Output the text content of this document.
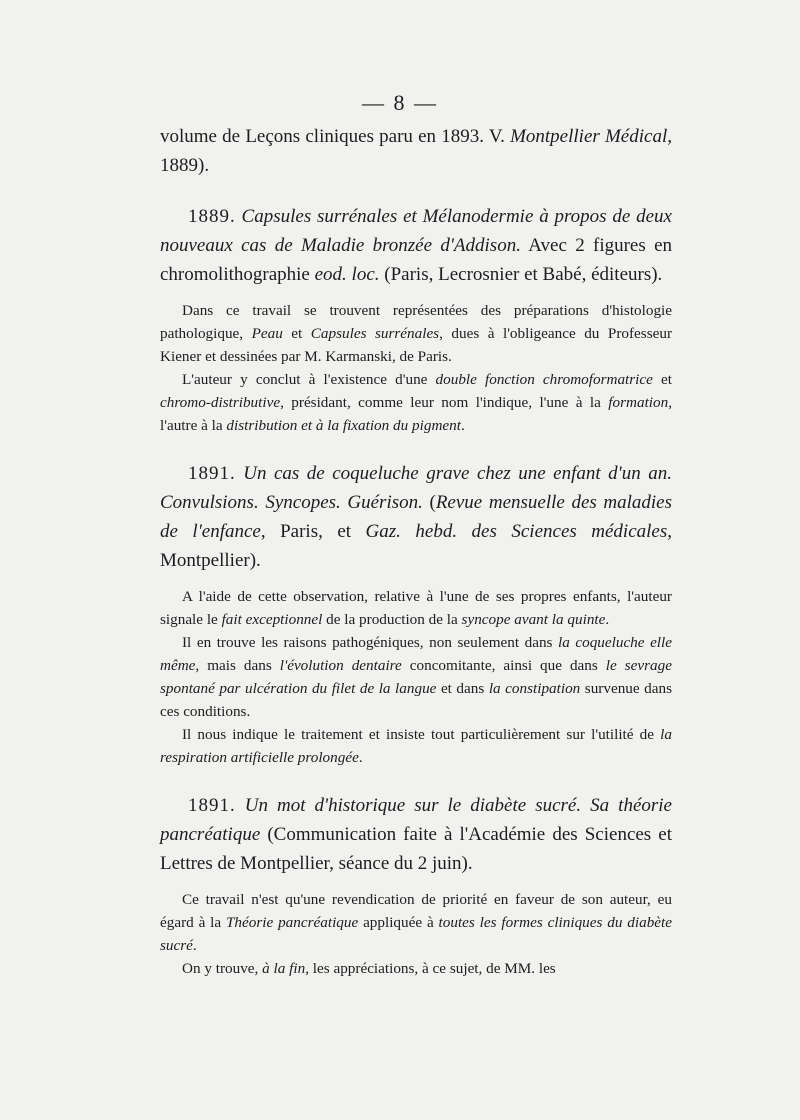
— 8 —

volume de Leçons cliniques paru en 1893. V. Montpellier Médical, 1889).

1889. Capsules surrénales et Mélanodermie à propos de deux nouveaux cas de Maladie bronzée d'Addison. Avec 2 figures en chromolithographie eod. loc. (Paris, Lecrosnier et Babé, éditeurs).

Dans ce travail se trouvent représentées des préparations d'histologie pathologique, Peau et Capsules surrénales, dues à l'obligeance du Professeur Kiener et dessinées par M. Karmanski, de Paris.

L'auteur y conclut à l'existence d'une double fonction chromoformatrice et chromo-distributive, présidant, comme leur nom l'indique, l'une à la formation, l'autre à la distribution et à la fixation du pigment.

1891. Un cas de coqueluche grave chez une enfant d'un an. Convulsions. Syncopes. Guérison. (Revue mensuelle des maladies de l'enfance, Paris, et Gaz. hebd. des Sciences médicales, Montpellier).

A l'aide de cette observation, relative à l'une de ses propres enfants, l'auteur signale le fait exceptionnel de la production de la syncope avant la quinte.

Il en trouve les raisons pathogéniques, non seulement dans la coqueluche elle même, mais dans l'évolution dentaire concomitante, ainsi que dans le sevrage spontané par ulcération du filet de la langue et dans la constipation survenue dans ces conditions.

Il nous indique le traitement et insiste tout particulièrement sur l'utilité de la respiration artificielle prolongée.

1891. Un mot d'historique sur le diabète sucré. Sa théorie pancréatique (Communication faite à l'Académie des Sciences et Lettres de Montpellier, séance du 2 juin).

Ce travail n'est qu'une revendication de priorité en faveur de son auteur, eu égard à la Théorie pancréatique appliquée à toutes les formes cliniques du diabète sucré.

On y trouve, à la fin, les appréciations, à ce sujet, de MM. les
